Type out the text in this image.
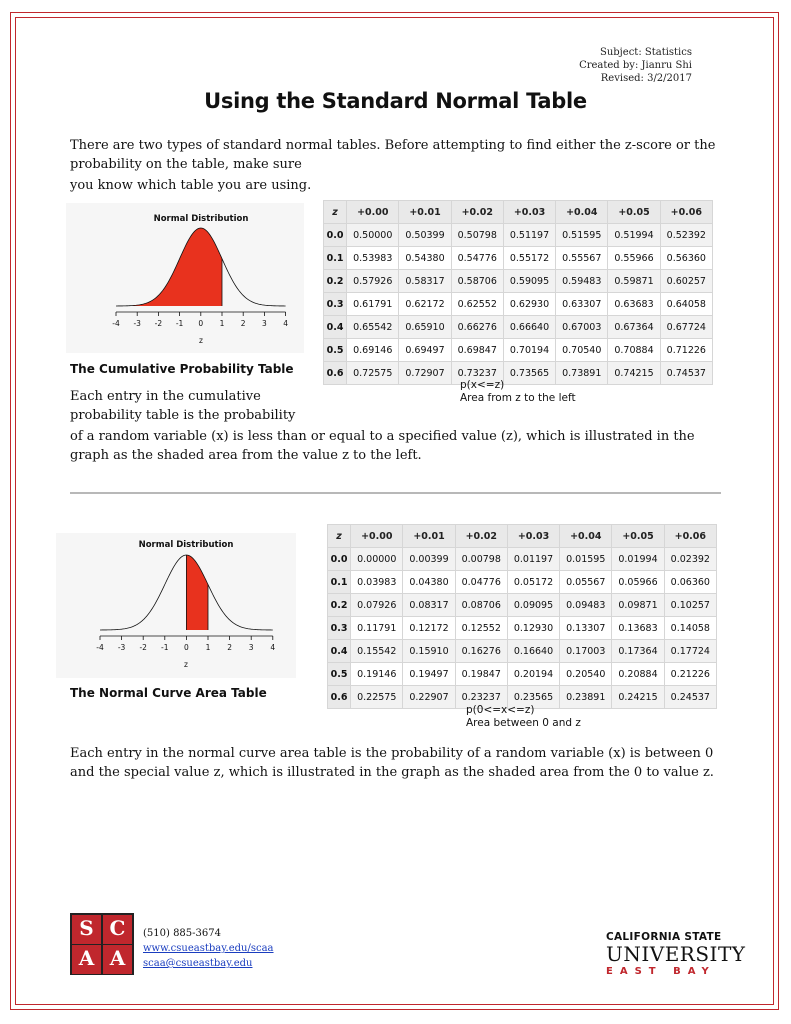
Subject: Statistics
Created by: Jianru Shi
Revised: 3/2/2017
Using the Standard Normal Table
There are two types of standard normal tables. Before attempting to find either the z-score or the probability on the table, make sure
you know which table you are using.
Normal Distribution
-4 -3 -2 -1 0 1 2 3 4
z
z	+0.00	+0.01	+0.02	+0.03	+0.04	+0.05	+0.06
0.0	0.50000	0.50399	0.50798	0.51197	0.51595	0.51994	0.52392
0.1	0.53983	0.54380	0.54776	0.55172	0.55567	0.55966	0.56360
0.2	0.57926	0.58317	0.58706	0.59095	0.59483	0.59871	0.60257
0.3	0.61791	0.62172	0.62552	0.62930	0.63307	0.63683	0.64058
0.4	0.65542	0.65910	0.66276	0.66640	0.67003	0.67364	0.67724
0.5	0.69146	0.69497	0.69847	0.70194	0.70540	0.70884	0.71226
0.6	0.72575	0.72907	0.73237	0.73565	0.73891	0.74215	0.74537
p(x<=z)
Area from z to the left
The Cumulative Probability Table
Each entry in the cumulative probability table is the probability
of a random variable (x) is less than or equal to a specified value (z), which is illustrated in the graph as the shaded area from the value z to the left.
Normal Distribution
-4 -3 -2 -1 0 1 2 3 4
z
z	+0.00	+0.01	+0.02	+0.03	+0.04	+0.05	+0.06
0.0	0.00000	0.00399	0.00798	0.01197	0.01595	0.01994	0.02392
0.1	0.03983	0.04380	0.04776	0.05172	0.05567	0.05966	0.06360
0.2	0.07926	0.08317	0.08706	0.09095	0.09483	0.09871	0.10257
0.3	0.11791	0.12172	0.12552	0.12930	0.13307	0.13683	0.14058
0.4	0.15542	0.15910	0.16276	0.16640	0.17003	0.17364	0.17724
0.5	0.19146	0.19497	0.19847	0.20194	0.20540	0.20884	0.21226
0.6	0.22575	0.22907	0.23237	0.23565	0.23891	0.24215	0.24537
p(0<=x<=z)
Area between 0 and z
The Normal Curve Area Table
Each entry in the normal curve area table is the probability of a random variable (x) is between 0 and the special value z, which is illustrated in the graph as the shaded area from the 0 to value z.
S C
A A
(510) 885-3674
www.csueastbay.edu/scaa
scaa@csueastbay.edu
CALIFORNIA STATE
UNIVERSITY
EAST BAY
